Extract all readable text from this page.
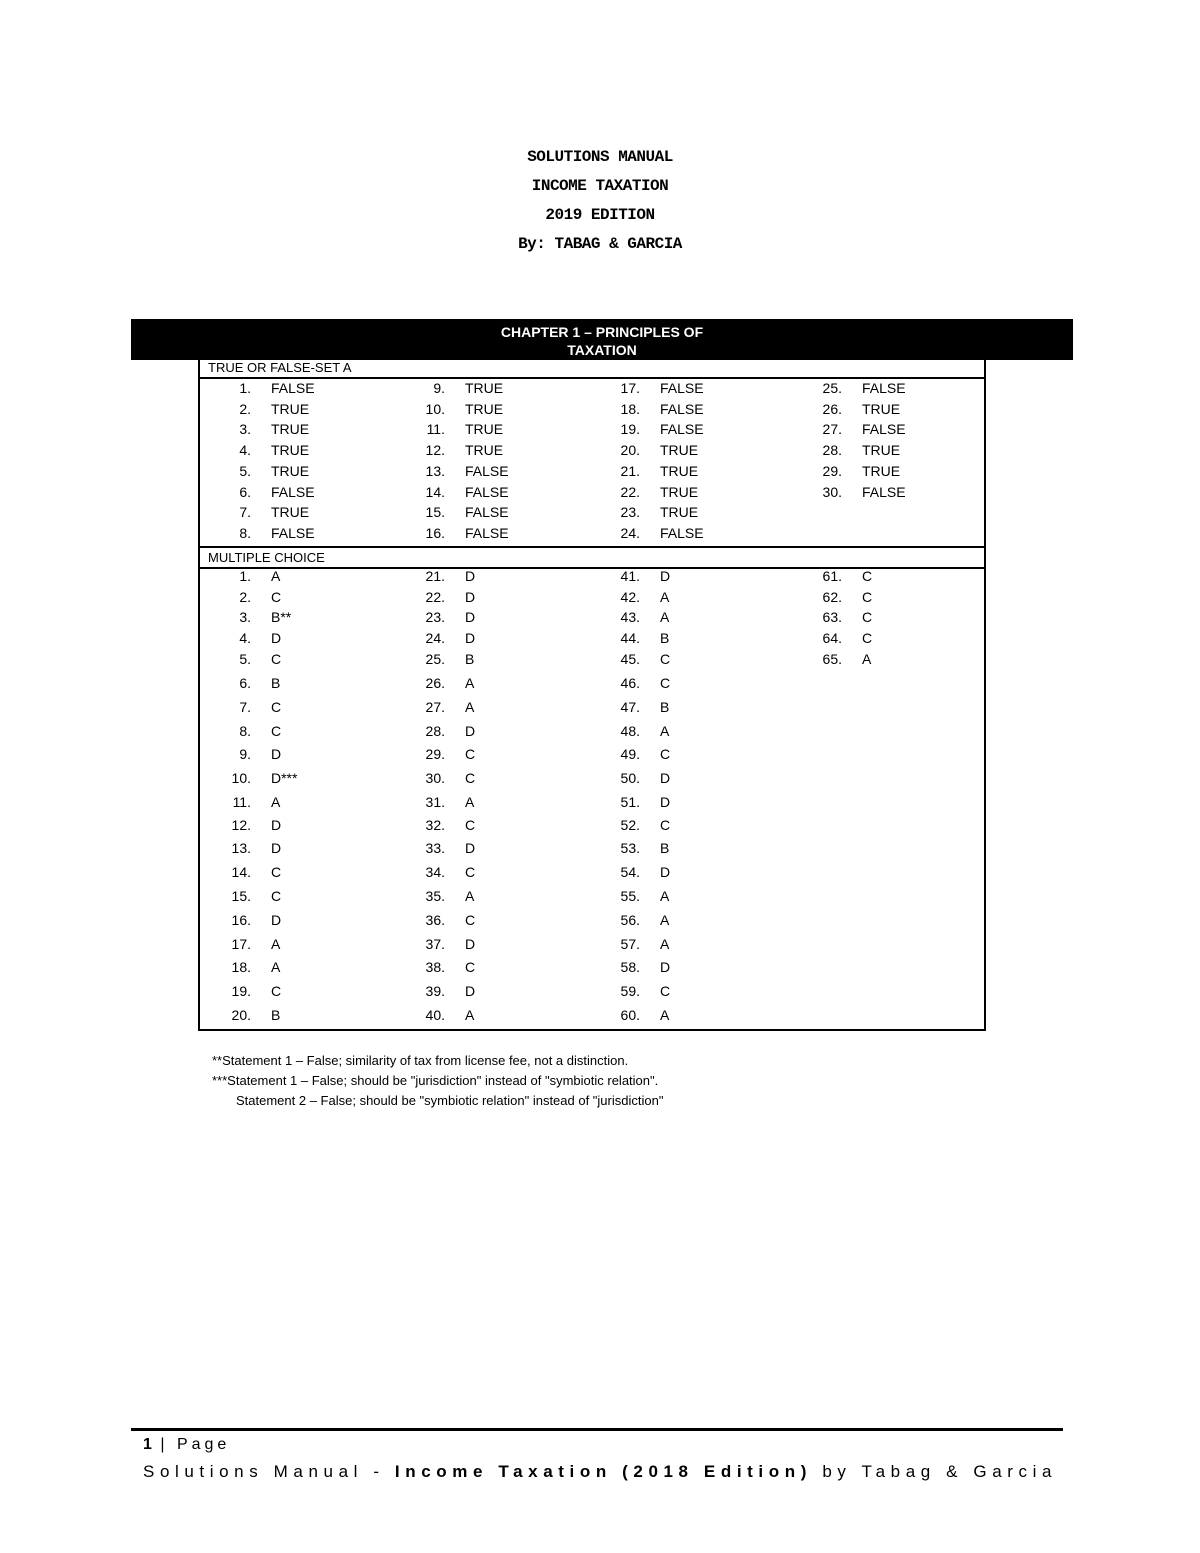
SOLUTIONS MANUAL
INCOME TAXATION
2019 EDITION
By: TABAG & GARCIA
CHAPTER 1 – PRINCIPLES OF
TAXATION
TRUE OR FALSE-SET A
MULTIPLE CHOICE
1. FALSE
2. TRUE
3. TRUE
4. TRUE
5. TRUE
6. FALSE
7. TRUE
8. FALSE
9. TRUE
10. TRUE
11. TRUE
12. TRUE
13. FALSE
14. FALSE
15. FALSE
16. FALSE
17. FALSE
18. FALSE
19. FALSE
20. TRUE
21. TRUE
22. TRUE
23. TRUE
24. FALSE
25. FALSE
26. TRUE
27. FALSE
28. TRUE
29. TRUE
30. FALSE
1. A
2. C
3. B**
4. D
5. C
6. B
7. C
8. C
9. D
10. D***
11. A
12. D
13. D
14. C
15. C
16. D
17. A
18. A
19. C
20. B
21. D
22. D
23. D
24. D
25. B
26. A
27. A
28. D
29. C
30. C
31. A
32. C
33. D
34. C
35. A
36. C
37. D
38. C
39. D
40. A
41. D
42. A
43. A
44. B
45. C
46. C
47. B
48. A
49. C
50. D
51. D
52. C
53. B
54. D
55. A
56. A
57. A
58. D
59. C
60. A
61. C
62. C
63. C
64. C
65. A
**Statement 1 – False; similarity of tax from license fee, not a distinction.
***Statement 1 – False; should be "jurisdiction" instead of "symbiotic relation".
Statement 2 – False; should be "symbiotic relation" instead of "jurisdiction"
1 | Page
Solutions Manual - Income Taxation (2018 Edition) by Tabag & Garcia
